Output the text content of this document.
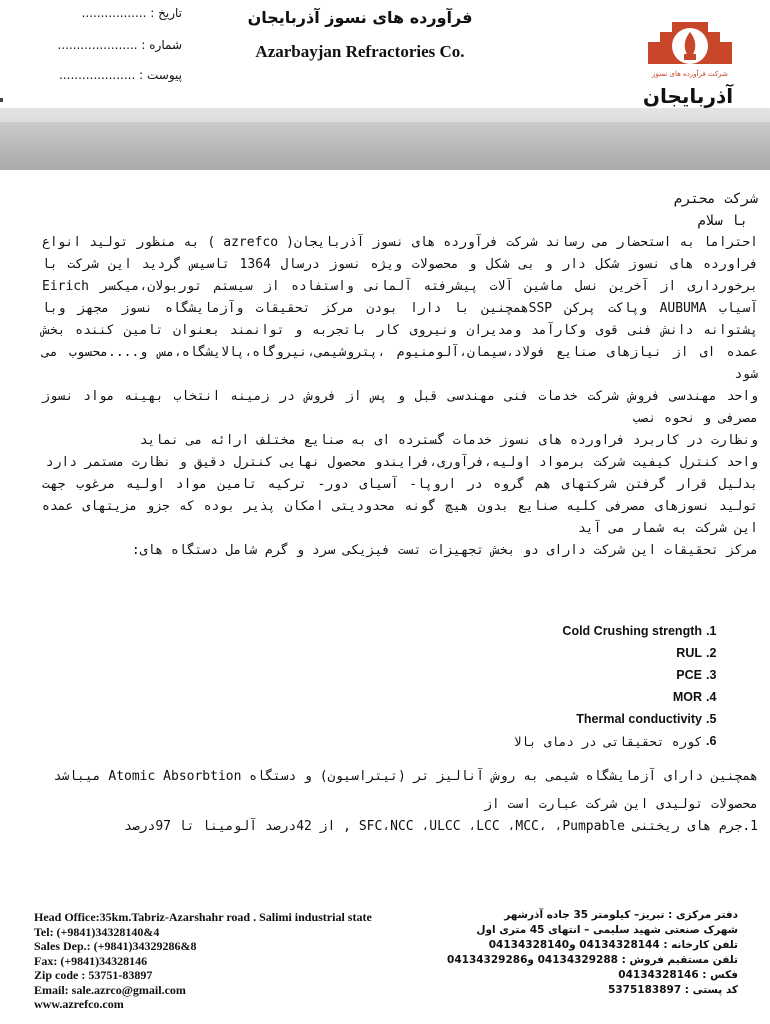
تاریخ : .................
شماره : .....................
پیوست : ....................
فرآورده های نسوز آذربایجان
Azarbayjan Refractories Co.
شرکت فرآورده های نسوز
آذربایجان

شرکت محترم

با سلام

احتراما به استحضار می رساند شرکت فرآورده های نسوز آذربایجان( azrefco ) به منظور تولید انواع فراورده های نسوز شکل دار و بی شکل و محصولات ویژه نسوز درسال 1364 تاسیس گردید این شرکت با برخورداری از آخرین نسل ماشین آلات پیشرفته آلمانی واستفاده از سیستم توربولان،میکسر Eirich آسیاب AUBUMA وپاکت پرکن SSPهمچنین با دارا بودن مرکز تحقیقات وآزمایشگاه نسوز مجهز وبا پشتوانه دانش فنی قوی وکارآمد ومدیران ونیروی کار باتجربه و توانمند بعنوان تامین کننده بخش عمده ای از نیازهای صنایع فولاد،سیمان،آلومنیوم ،پتروشیمی،نیروگاه،پالایشگاه،مس و....محسوب می شود

واحد مهندسی فروش شرکت خدمات فنی مهندسی قبل و پس از فروش در زمینه انتخاب بهینه مواد نسوز مصرفی و نحوه نصب

ونظارت در کاربرد فراورده های نسوز خدمات گسترده ای به صنایع مختلف ارائه می نماید

واحد کنترل کیفیت شرکت برمواد اولیه،فرآوری،فرایندو محصول نهایی کنترل دقیق و نظارت مستمر دارد

بدلیل قرار گرفتن شرکتهای هم گروه در اروپا- آسیای دور- ترکیه تامین مواد اولیه مرغوب جهت تولید نسوزهای مصرفی کلیه صنایع بدون هیچ گونه محدودیتی امکان پذیر بوده که جزو مزیتهای عمده این شرکت به شمار می آید

مرکز تحقیقات این شرکت دارای دو بخش تجهیزات تست فیزیکی سرد و گرم شامل دستگاه های:

.1
Cold Crushing strength
.2
RUL
.3
PCE
.4
MOR
.5
Thermal conductivity
.6
کوره تحقیقاتی در دمای بالا

همچنین دارای آزمایشگاه شیمی به روش آنالیز تر (تیتراسیون) و دستگاه Atomic Absorbtion میباشد

محصولات تولیدی این شرکت عبارت است از

1.جرم های ریختنی SFC،NCC ،ULCC ،LCC ،MCC، ،Pumpable , از 42درصد آلومینا تا 97درصد

Head Office:35km.Tabriz-Azarshahr road . Salimi industrial state
Tel: (+9841)34328140&4
Sales Dep.: (+9841)34329286&8
Fax: (+9841)34328146
Zip code : 53751-83897
Email: sale.azrco@gmail.com
www.azrefco.com
دفتر مرکزی : تبریز– کیلومتر 35 جاده آذرشهر
شهرک صنعتی شهید سلیمی – انتهای 45 متری اول
تلفن کارخانه : 04134328144 و04134328140
تلفن مستقیم فروش : 04134329288 و04134329286
فکس : 04134328146
کد پستی : 5375183897
